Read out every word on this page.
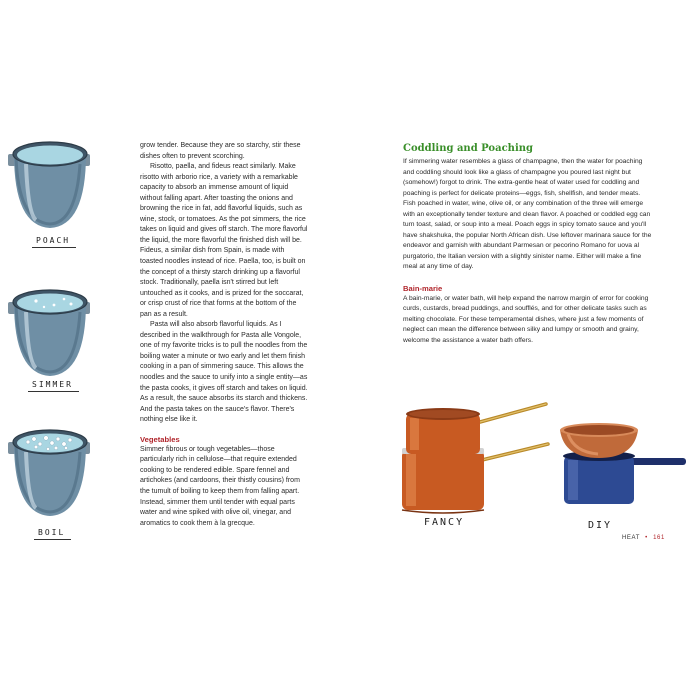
POACH
SIMMER
BOIL

grow tender. Because they are so starchy, stir these dishes often to prevent scorching.

Risotto, paella, and fideus react similarly. Make risotto with arborio rice, a variety with a remarkable capacity to absorb an immense amount of liquid without falling apart. After toasting the onions and browning the rice in fat, add flavorful liquids, such as wine, stock, or tomatoes. As the pot simmers, the rice takes on liquid and gives off starch. The more flavorful the liquid, the more flavorful the finished dish will be. Fideus, a similar dish from Spain, is made with toasted noodles instead of rice. Paella, too, is built on the concept of a thirsty starch drinking up a flavorful stock. Traditionally, paella isn't stirred but left untouched as it cooks, and is prized for the soccarat, or crisp crust of rice that forms at the bottom of the pan as a result.

Pasta will also absorb flavorful liquids. As I described in the walkthrough for Pasta alle Vongole, one of my favorite tricks is to pull the noodles from the boiling water a minute or two early and let them finish cooking in a pan of simmering sauce. This allows the noodles and the sauce to unify into a single entity—as the pasta cooks, it gives off starch and takes on liquid. As a result, the sauce absorbs its starch and thickens. And the pasta takes on the sauce's flavor. There's nothing else like it.

Vegetables

Simmer fibrous or tough vegetables—those particularly rich in cellulose—that require extended cooking to be rendered edible. Spare fennel and artichokes (and cardoons, their thistly cousins) from the tumult of boiling to keep them from falling apart. Instead, simmer them until tender with equal parts water and wine spiked with olive oil, vinegar, and aromatics to cook them à la grecque.

Coddling and Poaching

If simmering water resembles a glass of champagne, then the water for poaching and coddling should look like a glass of champagne you poured last night but (somehow!) forgot to drink. The extra-gentle heat of water used for coddling and poaching is perfect for delicate proteins—eggs, fish, shellfish, and tender meats. Fish poached in water, wine, olive oil, or any combination of the three will emerge with an exceptionally tender texture and clean flavor. A poached or coddled egg can turn toast, salad, or soup into a meal. Poach eggs in spicy tomato sauce and you'll have shakshuka, the popular North African dish. Use leftover marinara sauce for the endeavor and garnish with abundant Parmesan or pecorino Romano for uova al purgatorio, the Italian version with a slightly sinister name. Either will make a fine meal at any time of day.

Bain-marie

A bain-marie, or water bath, will help expand the narrow margin of error for cooking curds, custards, bread puddings, and soufflés, and for other delicate tasks such as melting chocolate. For these temperamental dishes, where just a few moments of neglect can mean the difference between silky and lumpy or smooth and grainy, welcome the assistance a water bath offers.

FANCY	DIY
HEAT • 161
